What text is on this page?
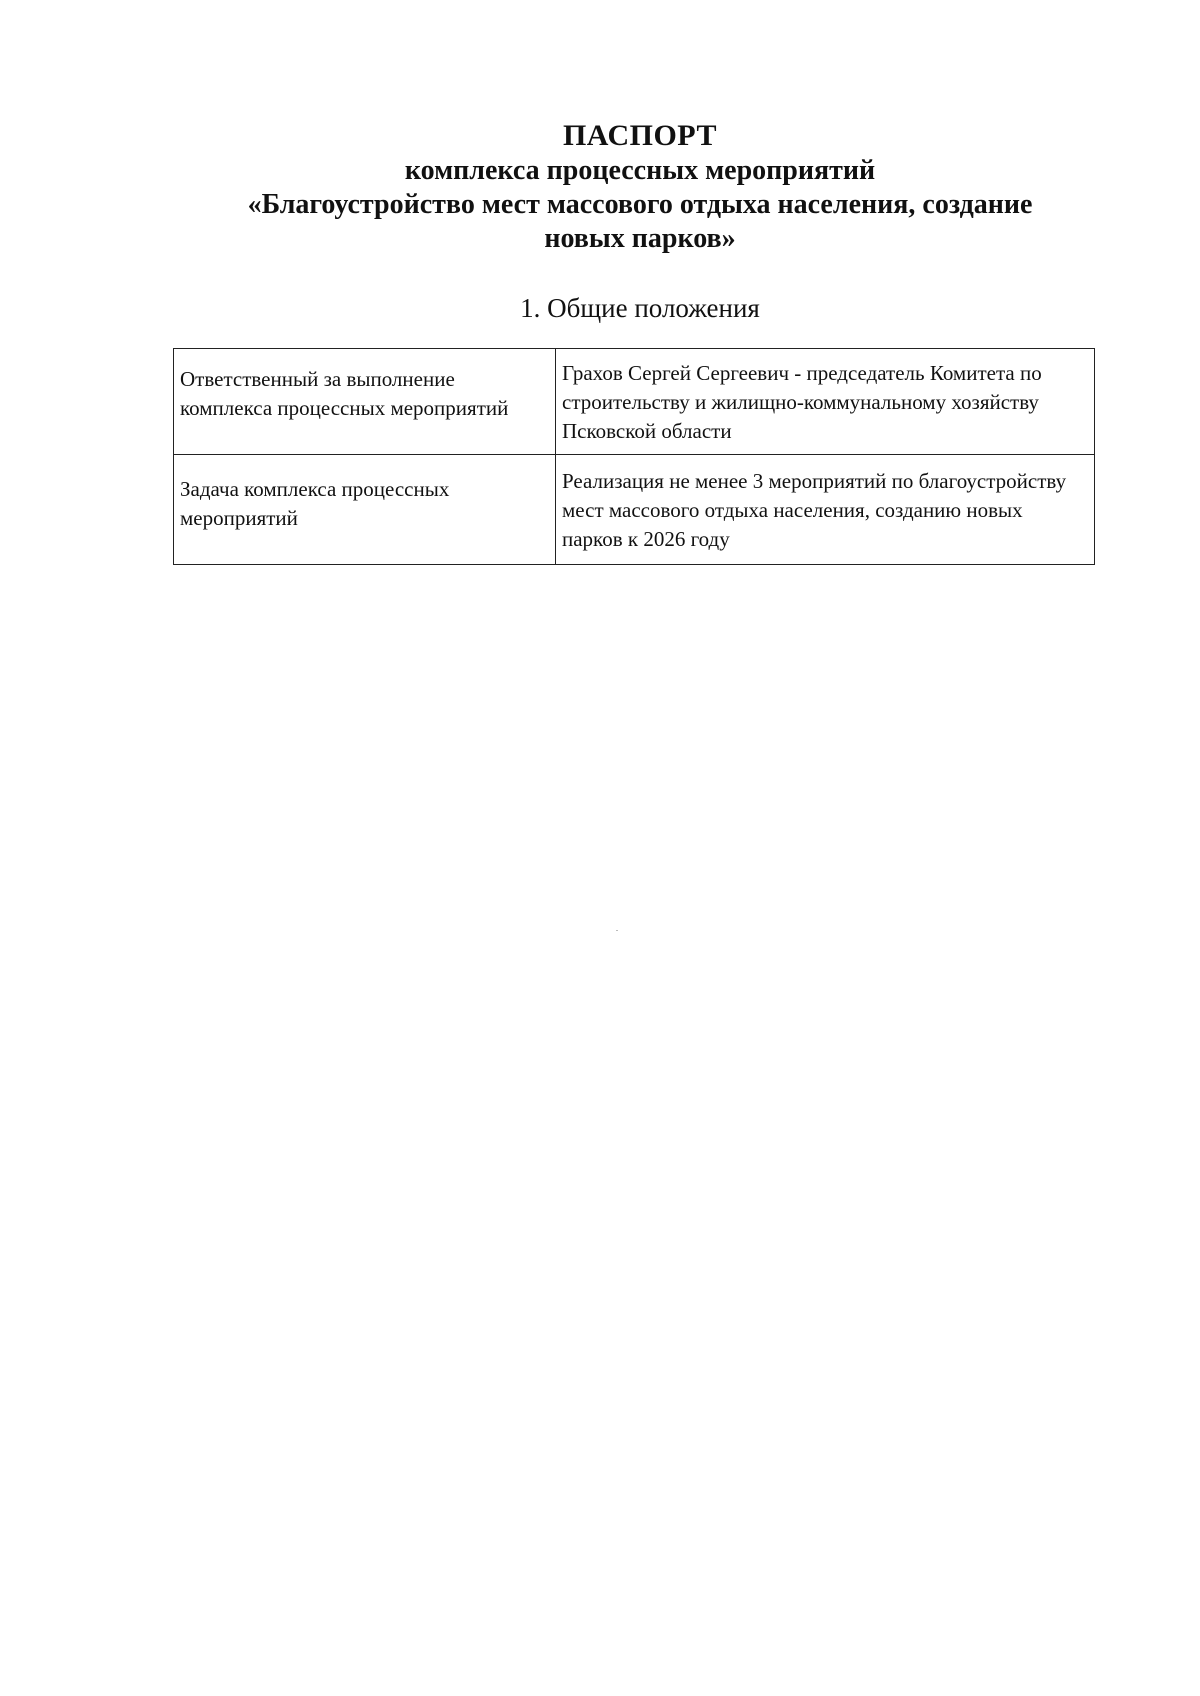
ПАСПОРТ
комплекса процессных мероприятий
«Благоустройство мест массового отдыха населения, создание
новых парков»
1. Общие положения
Ответственный за выполнение комплекса процессных мероприятий	Грахов Сергей Сергеевич - председатель Комитета по строительству и жилищно-коммунальному хозяйству Псковской области
Задача комплекса процессных мероприятий	Реализация не менее 3 мероприятий по благоустройству мест массового отдыха населения, созданию новых парков к 2026 году
